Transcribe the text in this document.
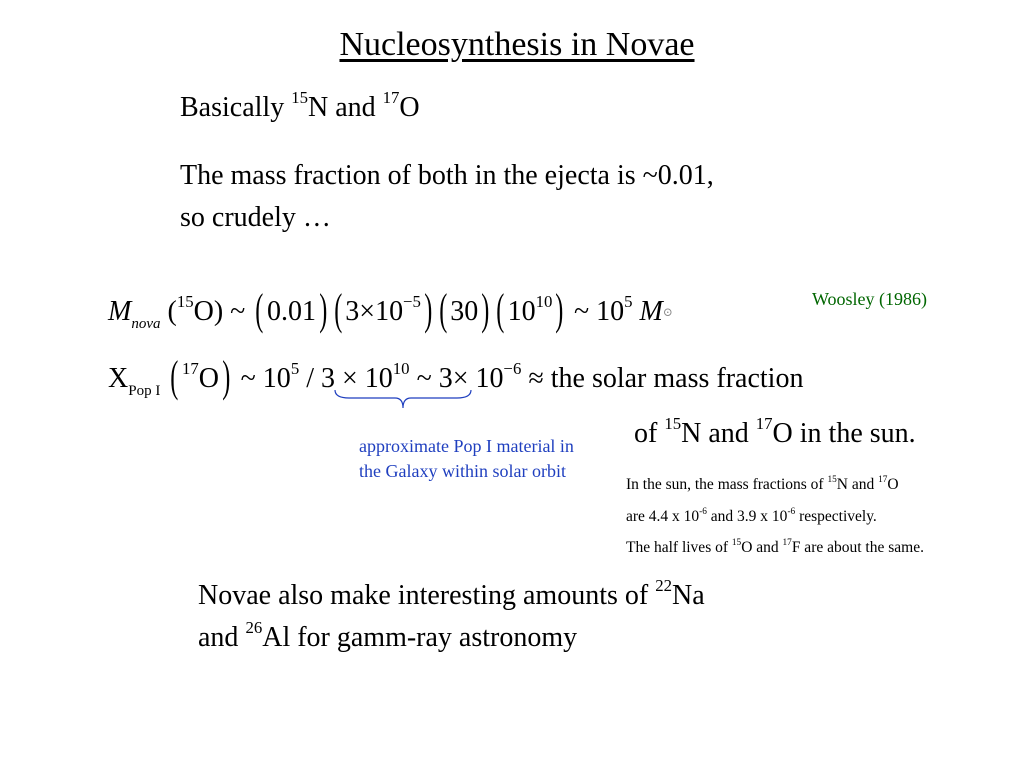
Nucleosynthesis in Novae
Basically $^{15}$N and $^{17}$O
The mass fraction of both in the ejecta is ~0.01,
so crudely …
$M_{nova}$ ($^{15}$O) ~ ( 0.01) ( $3\times 10^{-5}$) ( 30) ( $10^{10}$) ~ $10^5$ M⊙
Woosley (1986)
$X_{Pop I}$ ( $^{17}$O) ~ $10^5 / 3 \times 10^{10}$ ~ $3\times 10^{-6}$ ≈ the solar mass fraction
approximate Pop I material in the Galaxy within solar orbit
of $^{15}$N and $^{17}$O in the sun.
In the sun, the mass fractions of $^{15}$N and $^{17}$O
are 4.4 x $10^{-6}$ and 3.9 x $10^{-6}$ respectively.
The half lives of $^{15}$O and $^{17}$F are about the same.
Novae also make interesting amounts of $^{22}$Na
and $^{26}$Al for gamm-ray astronomy
